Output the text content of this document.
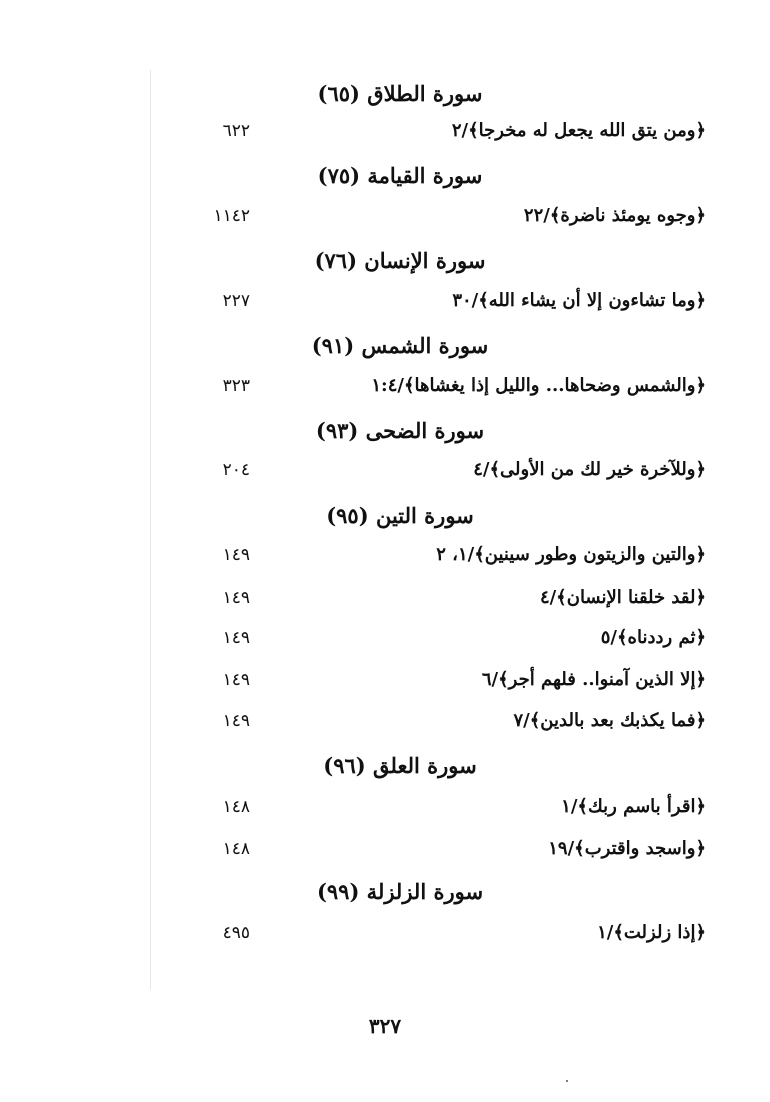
سورة الطلاق (٦٥)
﴿ومن يتق الله يجعل له مخرجا﴾/٢
٦٢٢
سورة القيامة (٧٥)
﴿وجوه يومئذ ناضرة﴾/٢٢
١١٤٢
سورة الإنسان (٧٦)
﴿وما تشاءون إلا أن يشاء الله﴾/٣٠
٢٢٧
سورة الشمس (٩١)
﴿والشمس وضحاها... والليل إذا يغشاها﴾/١:٤
٣٢٣
سورة الضحى (٩٣)
﴿وللآخرة خير لك من الأولى﴾/٤
٢٠٤
سورة التين (٩٥)
﴿والتين والزيتون وطور سينين﴾/١، ٢
١٤٩
﴿لقد خلقنا الإنسان﴾/٤
١٤٩
﴿ثم رددناه﴾/٥
١٤٩
﴿إلا الذين آمنوا.. فلهم أجر﴾/٦
١٤٩
﴿فما يكذبك بعد بالدين﴾/٧
١٤٩
سورة العلق (٩٦)
﴿اقرأ باسم ربك﴾/١
١٤٨
﴿واسجد واقترب﴾/١٩
١٤٨
سورة الزلزلة (٩٩)
﴿إذا زلزلت﴾/١
٤٩٥
٣٢٧
